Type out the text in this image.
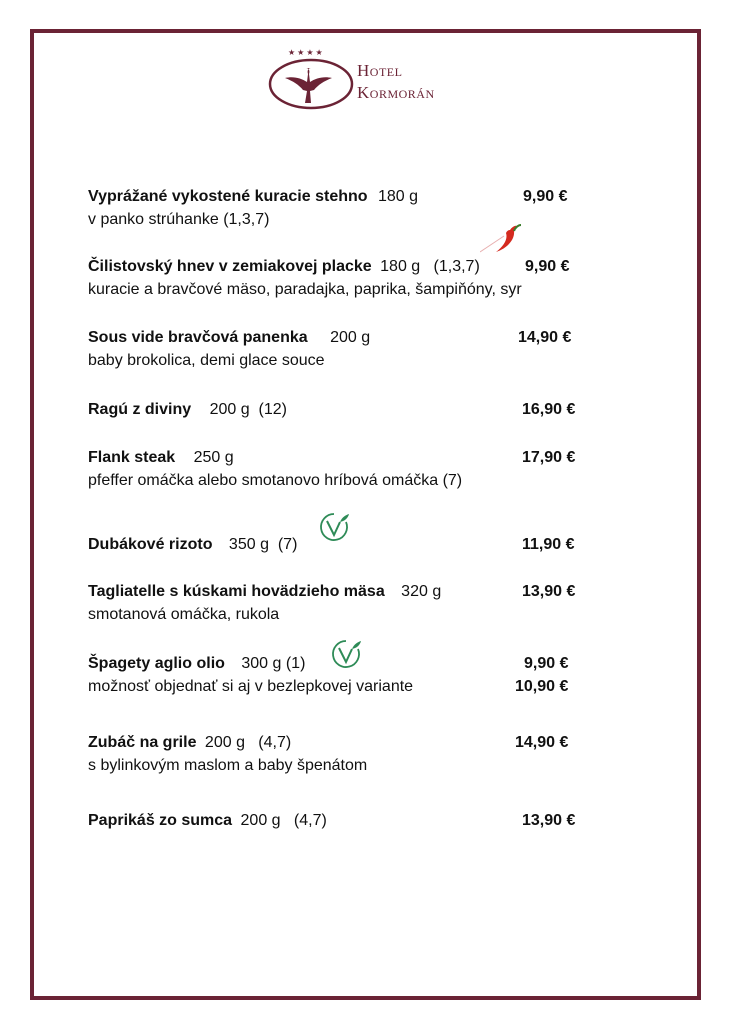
★★★★
Hotel
Kormorán
Vyprážané vykostené kuracie stehno 180 g	9,90 €
v panko strúhanke (1,3,7)
Čilistovský hnev v zemiakovej placke 180 g   (1,3,7)	9,90 €
kuracie a bravčové mäso, paradajka, paprika, šampiňóny, syr
Sous vide bravčová panenka 200 g	14,90 €
baby brokolica, demi glace souce
Ragú z diviny 200 g  (12)	16,90 €
Flank steak 250 g	17,90 €
pfeffer omáčka alebo smotanovo hríbová omáčka (7)
Dubákové rizoto 350 g  (7)	11,90 €
Tagliatelle s kúskami hovädzieho mäsa 320 g	13,90 €
smotanová omáčka, rukola
Špagety aglio olio 300 g (1)	9,90 €
možnosť objednať si aj v bezlepkovej variante	10,90 €
Zubáč na grile 200 g   (4,7)	14,90 €
s bylinkovým maslom a baby špenátom
Paprikáš zo sumca 200 g   (4,7)	13,90 €
